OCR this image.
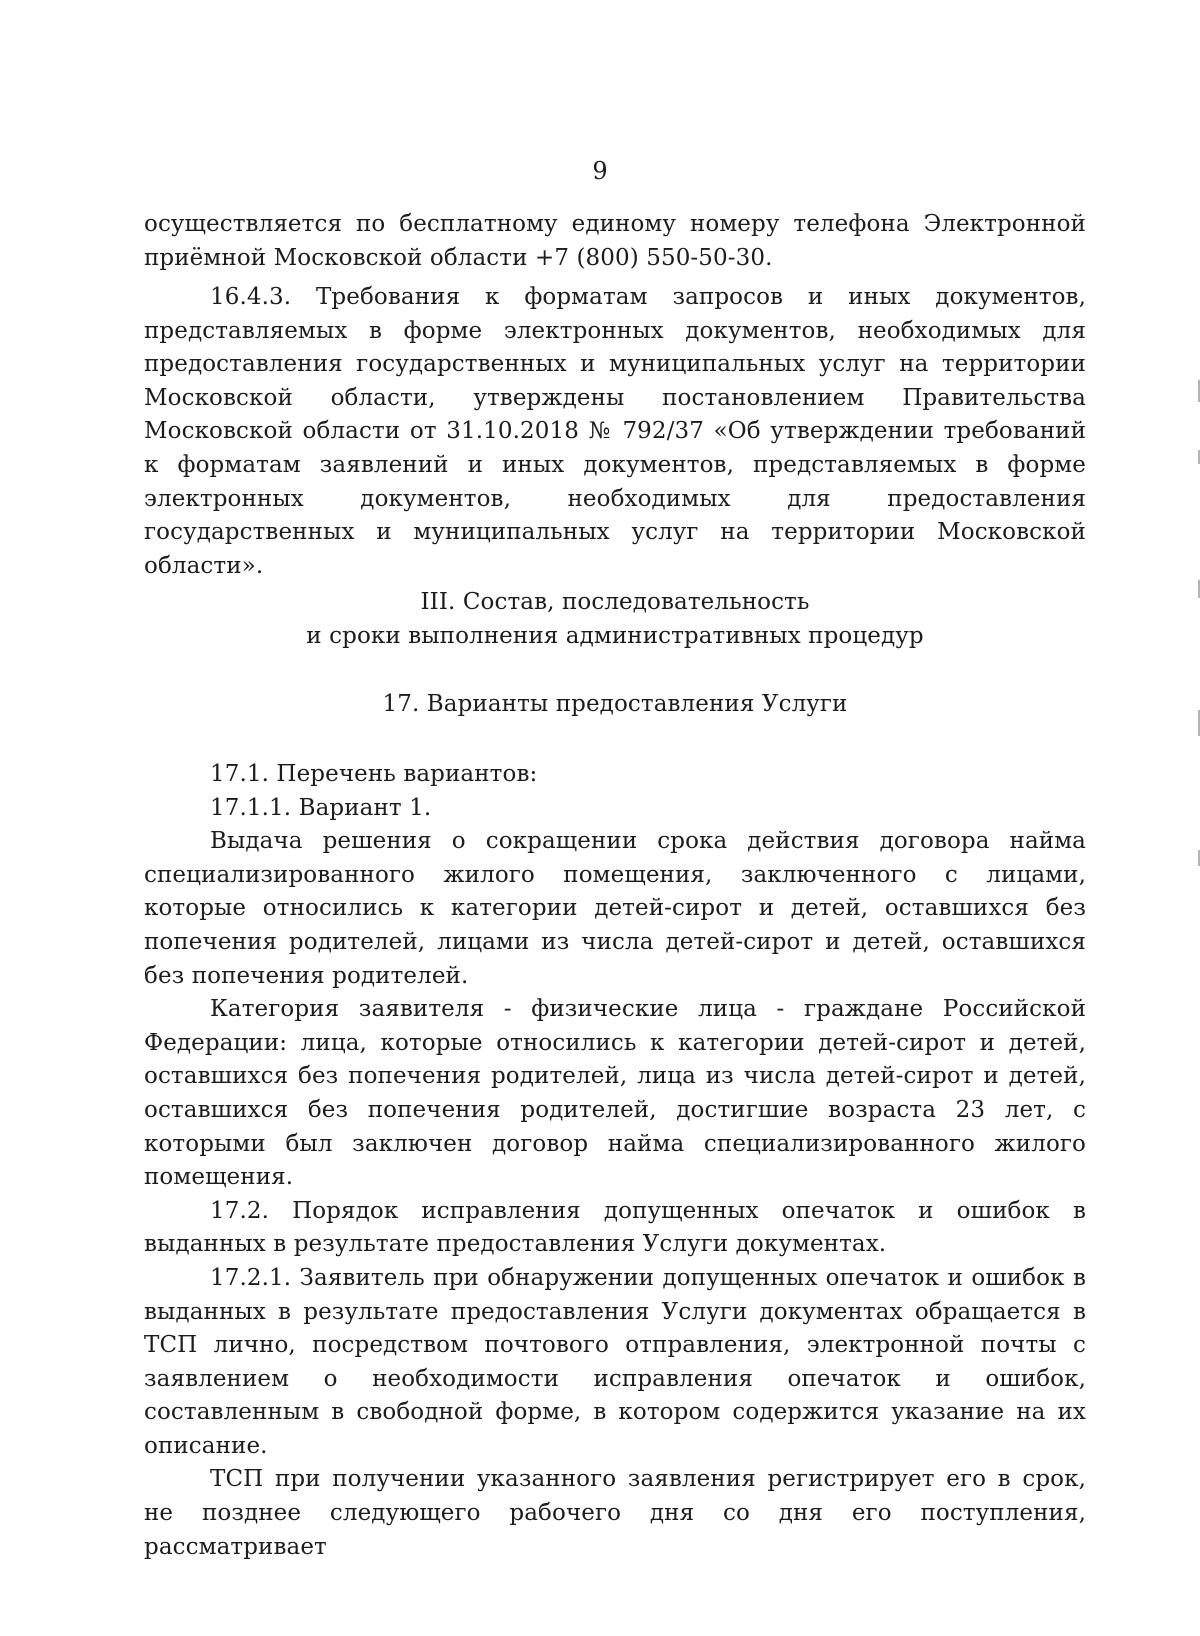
9

осуществляется по бесплатному единому номеру телефона Электронной приёмной Московской области +7 (800) 550-50-30.

16.4.3. Требования к форматам запросов и иных документов, представляемых в форме электронных документов, необходимых для предоставления государственных и муниципальных услуг на территории Московской области, утверждены постановлением Правительства Московской области от 31.10.2018 № 792/37 «Об утверждении требований к форматам заявлений и иных документов, представляемых в форме электронных документов, необходимых для предоставления государственных и муниципальных услуг на территории Московской области».

III. Состав, последовательность

и сроки выполнения административных процедур

17. Варианты предоставления Услуги

17.1. Перечень вариантов:

17.1.1. Вариант 1.

Выдача решения о сокращении срока действия договора найма специализированного жилого помещения, заключенного с лицами, которые относились к категории детей-сирот и детей, оставшихся без попечения родителей, лицами из числа детей-сирот и детей, оставшихся без попечения родителей.

Категория заявителя - физические лица - граждане Российской Федерации: лица, которые относились к категории детей-сирот и детей, оставшихся без попечения родителей, лица из числа детей-сирот и детей, оставшихся без попечения родителей, достигшие возраста 23 лет, с которыми был заключен договор найма специализированного жилого помещения.

17.2. Порядок исправления допущенных опечаток и ошибок в выданных в результате предоставления Услуги документах.

17.2.1. Заявитель при обнаружении допущенных опечаток и ошибок в выданных в результате предоставления Услуги документах обращается в ТСП лично, посредством почтового отправления, электронной почты с заявлением о необходимости исправления опечаток и ошибок, составленным в свободной форме, в котором содержится указание на их описание.

ТСП при получении указанного заявления регистрирует его в срок, не позднее следующего рабочего дня со дня его поступления, рассматривает
